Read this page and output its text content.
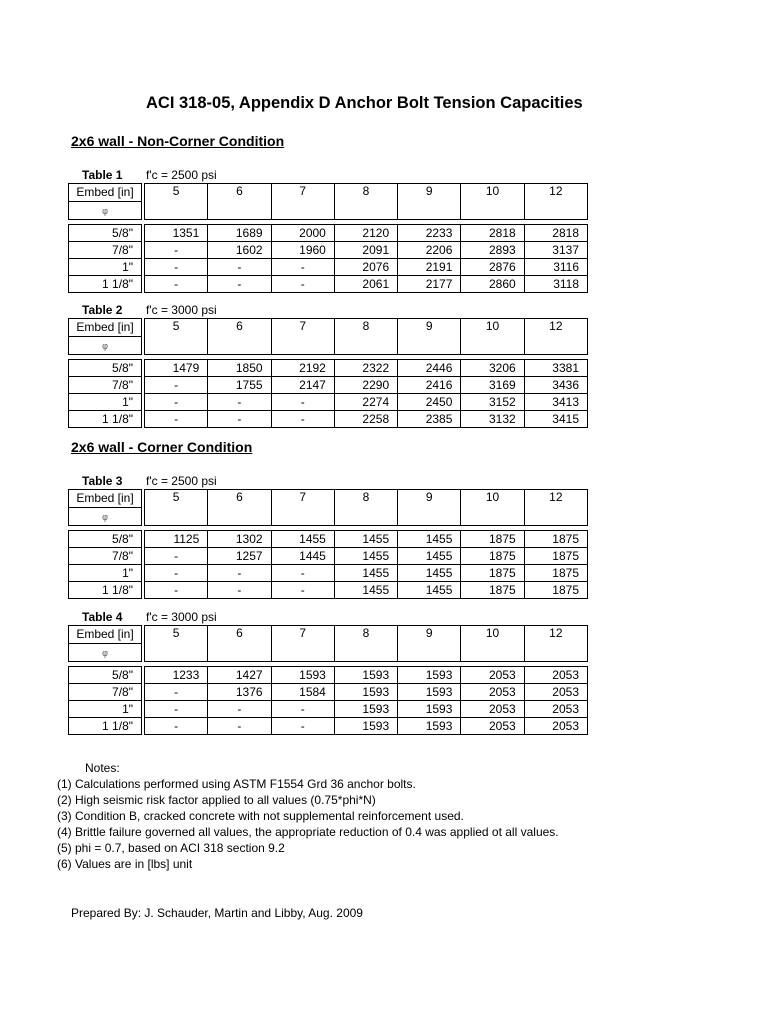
ACI 318-05, Appendix D Anchor Bolt Tension Capacities
2x6 wall - Non-Corner Condition
2x6 wall - Corner Condition
Table 1 f'c = 2500 psi
Embed [in]		5	6	7	8	9	10	12
φ								

5/8"		1351	1689	2000	2120	2233	2818	2818
7/8"		-	1602	1960	2091	2206	2893	3137
1"		-	-	-	2076	2191	2876	3116
1 1/8"		-	-	-	2061	2177	2860	3118
Table 2 f'c = 3000 psi
Embed [in]		5	6	7	8	9	10	12
φ								

5/8"		1479	1850	2192	2322	2446	3206	3381
7/8"		-	1755	2147	2290	2416	3169	3436
1"		-	-	-	2274	2450	3152	3413
1 1/8"		-	-	-	2258	2385	3132	3415
Table 3 f'c = 2500 psi
Embed [in]		5	6	7	8	9	10	12
φ								

5/8"		1125	1302	1455	1455	1455	1875	1875
7/8"		-	1257	1445	1455	1455	1875	1875
1"		-	-	-	1455	1455	1875	1875
1 1/8"		-	-	-	1455	1455	1875	1875
Table 4 f'c = 3000 psi
Embed [in]		5	6	7	8	9	10	12
φ								

5/8"		1233	1427	1593	1593	1593	2053	2053
7/8"		-	1376	1584	1593	1593	2053	2053
1"		-	-	-	1593	1593	2053	2053
1 1/8"		-	-	-	1593	1593	2053	2053
Notes:
(1) Calculations performed using ASTM F1554 Grd 36 anchor bolts.
(2) High seismic risk factor applied to all values (0.75*phi*N)
(3) Condition B, cracked concrete with not supplemental reinforcement used.
(4) Brittle failure governed all values, the appropriate reduction of 0.4 was applied ot all values.
(5) phi = 0.7, based on ACI 318 section 9.2
(6) Values are in [lbs] unit
Prepared By: J. Schauder, Martin and Libby, Aug. 2009
